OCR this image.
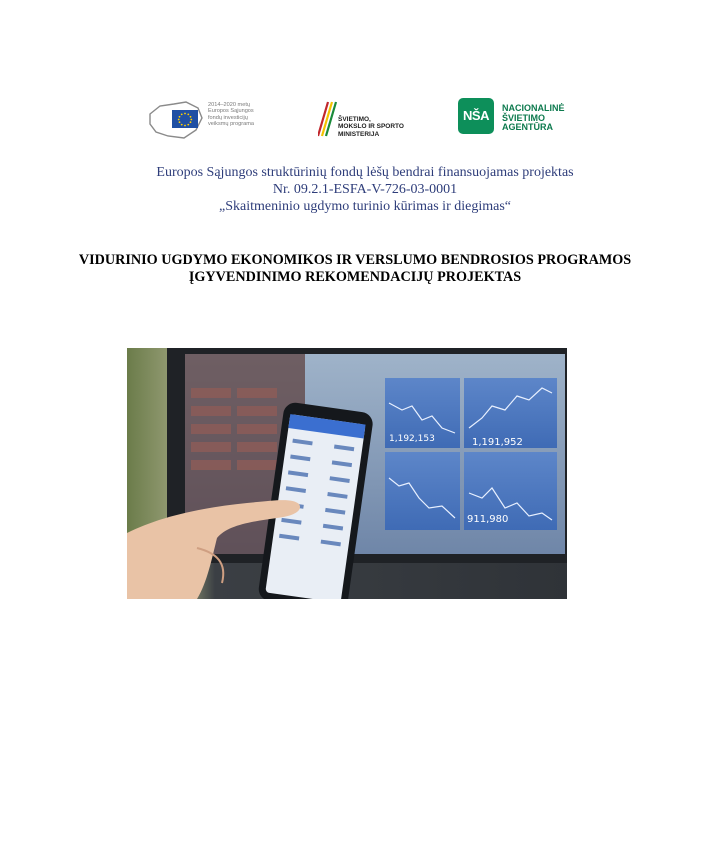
2014–2020 metų
Europos Sąjungos
fondų investicijų
veiksmų programa
ŠVIETIMO,
MOKSLO IR SPORTO
MINISTERIJA
NŠA	NACIONALINĖ
ŠVIETIMO
AGENTŪRA
Europos Sąjungos struktūrinių fondų lėšų bendrai finansuojamas projektas
Nr. 09.2.1-ESFA-V-726-03-0001
„Skaitmeninio ugdymo turinio kūrimas ir diegimas“
VIDURINIO UGDYMO EKONOMIKOS IR VERSLUMO BENDROSIOS PROGRAMOS
ĮGYVENDINIMO REKOMENDACIJŲ PROJEKTAS
1,192,153	1,191,952
911,980
